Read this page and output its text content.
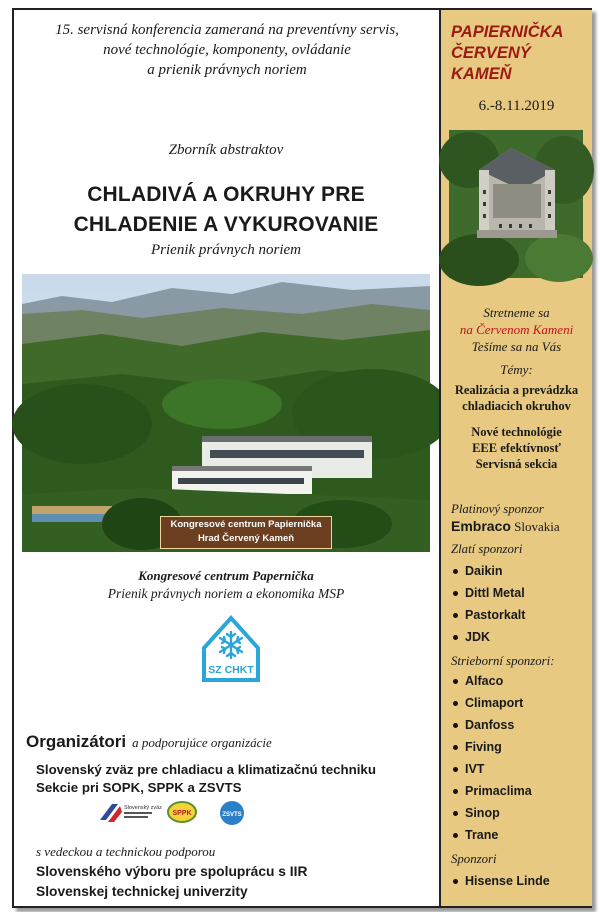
15. servisná konferencia zameraná na preventívny servis,
nové technológie, komponenty, ovládanie
a prienik právnych noriem
Zborník abstraktov
CHLADIVÁ A OKRUHY PRE
CHLADENIE A VYKUROVANIE
Prienik právnych noriem
Kongresové centrum Papiernička
Hrad Červený Kameň
Kongresové centrum Papernička
Prienik právnych noriem a ekonomika MSP
SZ CHKT
Organizátori a podporujúce organizácie
Slovenský zväz pre chladiacu a klimatizačnú techniku
Sekcie pri SOPK, SPPK a ZSVTS
Slovenský zväz
SPPK	ZSVTS
s vedeckou a technickou podporou
Slovenského výboru pre spoluprácu s IIR
Slovenskej technickej univerzity
PAPIERNIČKA
ČERVENÝ
KAMEŇ
6.-8.11.2019
Stretneme sa
na Červenom Kameni
Tešíme sa na Vás
Témy:
Realizácia a prevádzka
chladiacich okruhov
Nové technológie
EEE efektívnosť
Servisná sekcia
Platinový sponzor
Embraco Slovakia
Zlatí sponzori
Daikin
Dittl Metal
Pastorkalt
JDK
Strieborní sponzori:
Alfaco
Climaport
Danfoss
Fiving
IVT
Primaclima
Sinop
Trane
Sponzori
Hisense Linde
